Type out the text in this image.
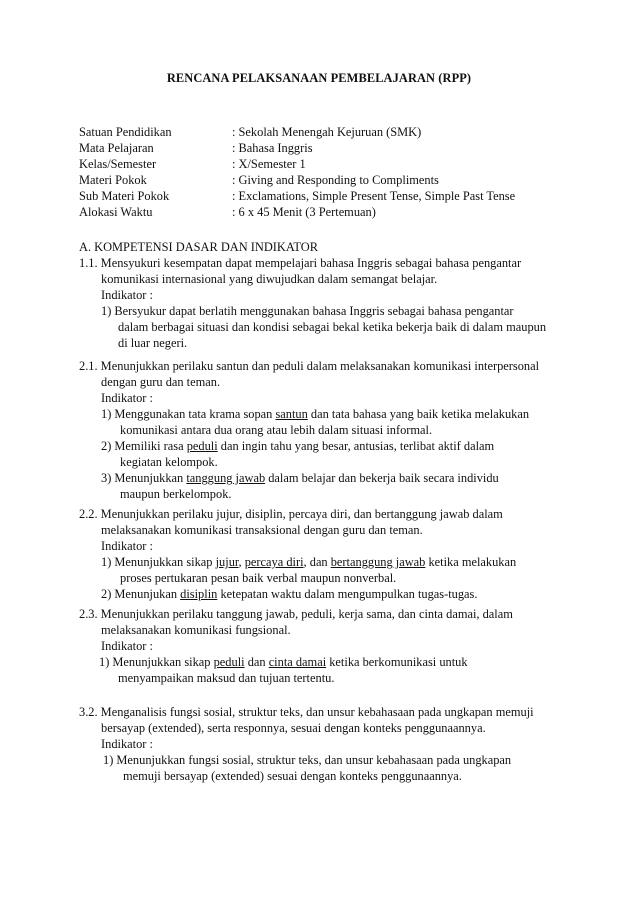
RENCANA PELAKSANAAN PEMBELAJARAN (RPP)
Satuan Pendidikan	: Sekolah Menengah Kejuruan (SMK)
Mata Pelajaran	: Bahasa Inggris
Kelas/Semester	: X/Semester 1
Materi Pokok	: Giving and Responding to Compliments
Sub Materi Pokok	: Exclamations, Simple Present Tense, Simple Past Tense
Alokasi Waktu	: 6 x 45 Menit (3 Pertemuan)
A. KOMPETENSI DASAR DAN INDIKATOR
1.1. Mensyukuri kesempatan dapat mempelajari bahasa Inggris sebagai bahasa pengantar
komunikasi internasional yang diwujudkan dalam semangat belajar.
Indikator :
1) Bersyukur dapat berlatih menggunakan bahasa Inggris sebagai bahasa pengantar
dalam berbagai situasi dan kondisi sebagai bekal ketika bekerja baik di dalam maupun
di luar negeri.
2.1. Menunjukkan perilaku santun dan peduli dalam melaksanakan komunikasi interpersonal
dengan guru dan teman.
Indikator :
1) Menggunakan tata krama sopan santun dan tata bahasa yang baik ketika melakukan
komunikasi antara dua orang atau lebih dalam situasi informal.
2) Memiliki rasa peduli dan ingin tahu yang besar, antusias, terlibat aktif dalam
kegiatan kelompok.
3) Menunjukkan tanggung jawab dalam belajar dan bekerja baik secara individu
maupun berkelompok.
2.2. Menunjukkan perilaku jujur, disiplin, percaya diri, dan bertanggung jawab dalam
melaksanakan komunikasi transaksional dengan guru dan teman.
Indikator :
1) Menunjukkan sikap jujur, percaya diri, dan bertanggung jawab ketika melakukan
proses pertukaran pesan baik verbal maupun nonverbal.
2) Menunjukan disiplin ketepatan waktu dalam mengumpulkan tugas-tugas.
2.3. Menunjukkan perilaku tanggung jawab, peduli, kerja sama, dan cinta damai, dalam
melaksanakan komunikasi fungsional.
Indikator :
1) Menunjukkan sikap peduli dan cinta damai ketika berkomunikasi untuk
menyampaikan maksud dan tujuan tertentu.
3.2. Menganalisis fungsi sosial, struktur teks, dan unsur kebahasaan pada ungkapan memuji
bersayap (extended), serta responnya, sesuai dengan konteks penggunaannya.
Indikator :
1) Menunjukkan fungsi sosial, struktur teks, dan unsur kebahasaan pada ungkapan
memuji bersayap (extended) sesuai dengan konteks penggunaannya.
